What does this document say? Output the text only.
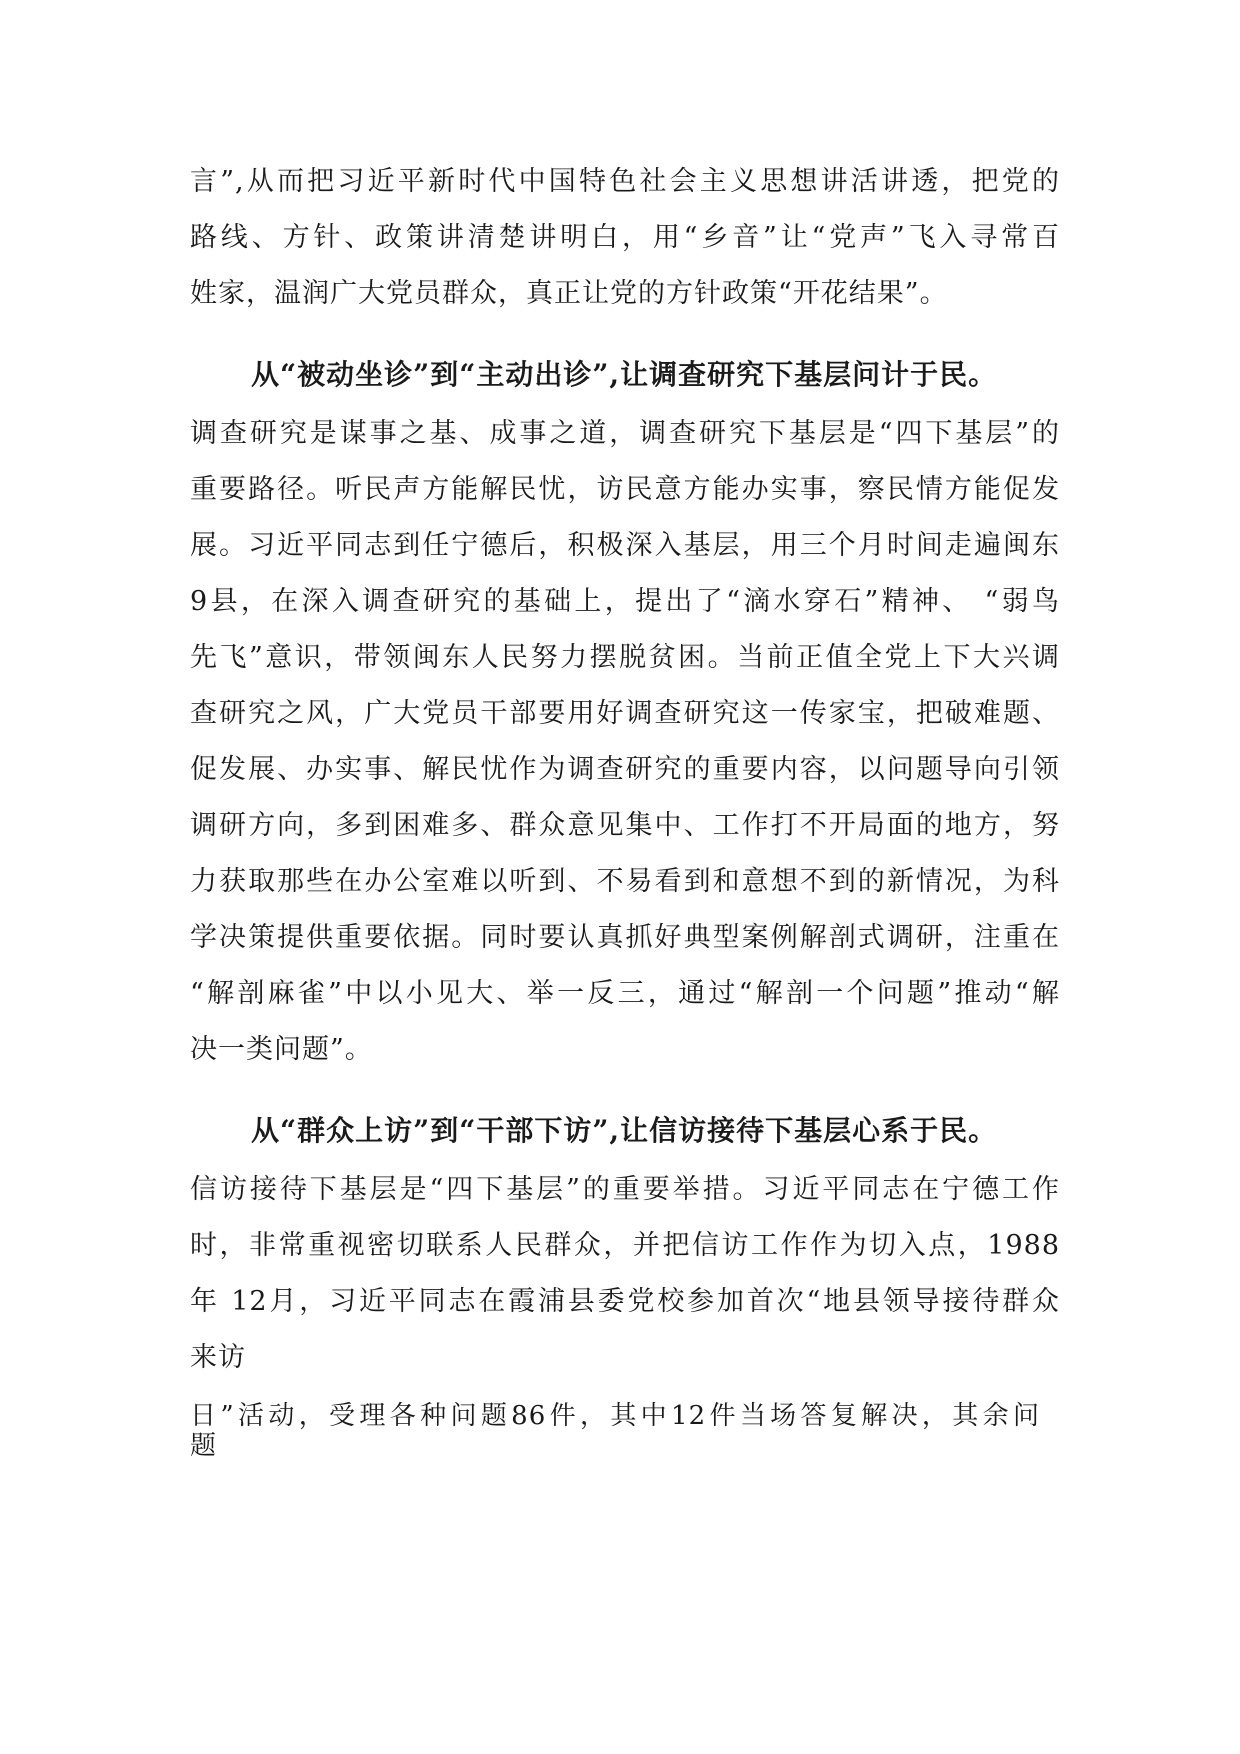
言”,从而把习近平新时代中国特色社会主义思想讲活讲透，把党的
路线、方针、政策讲清楚讲明白，用“乡音”让“党声”飞入寻常百
姓家，温润广大党员群众，真正让党的方针政策“开花结果”。
从“被动坐诊”到“主动出诊”,让调查研究下基层问计于民。
调查研究是谋事之基、成事之道，调查研究下基层是“四下基层”的
重要路径。听民声方能解民忧，访民意方能办实事，察民情方能促发
展。习近平同志到任宁德后，积极深入基层，用三个月时间走遍闽东
9县，在深入调查研究的基础上，提出了“滴水穿石”精神、 “弱鸟
先飞”意识，带领闽东人民努力摆脱贫困。当前正值全党上下大兴调
查研究之风，广大党员干部要用好调查研究这一传家宝，把破难题、
促发展、办实事、解民忧作为调查研究的重要内容，以问题导向引领
调研方向，多到困难多、群众意见集中、工作打不开局面的地方，努
力获取那些在办公室难以听到、不易看到和意想不到的新情况，为科
学决策提供重要依据。同时要认真抓好典型案例解剖式调研，注重在
“解剖麻雀”中以小见大、举一反三，通过“解剖一个问题”推动“解
决一类问题”。
从“群众上访”到“干部下访”,让信访接待下基层心系于民。
信访接待下基层是“四下基层”的重要举措。习近平同志在宁德工作
时，非常重视密切联系人民群众，并把信访工作作为切入点，1988
年 12月，习近平同志在霞浦县委党校参加首次“地县领导接待群众
来访
日”活动，受理各种问题86件，其中12件当场答复解决，其余问
题
